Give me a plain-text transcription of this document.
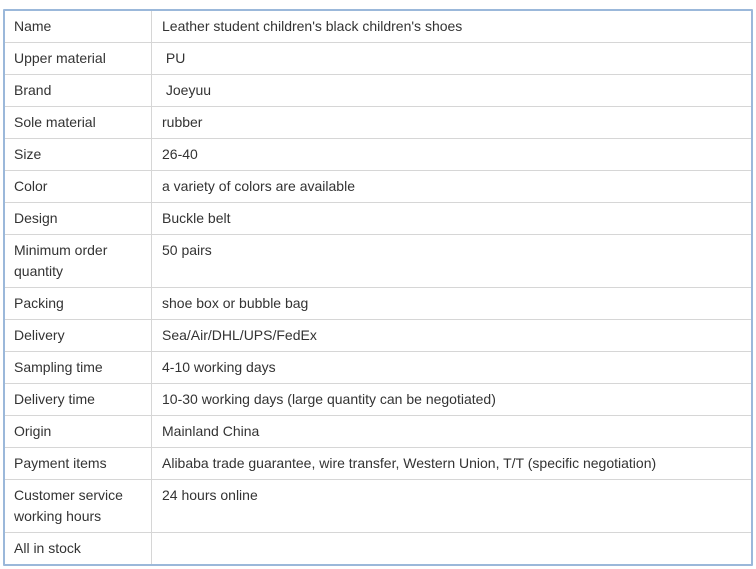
Name	Leather student children's black children's shoes
Upper material	PU
Brand	Joeyuu
Sole material	rubber
Size	26-40
Color	a variety of colors are available
Design	Buckle belt
Minimum order quantity	50 pairs
Packing	shoe box or bubble bag
Delivery	Sea/Air/DHL/UPS/FedEx
Sampling time	4-10 working days
Delivery time	10-30 working days (large quantity can be negotiated)
Origin	Mainland China
Payment items	Alibaba trade guarantee, wire transfer, Western Union, T/T (specific negotiation)
Customer service working hours	24 hours online
All in stock	
